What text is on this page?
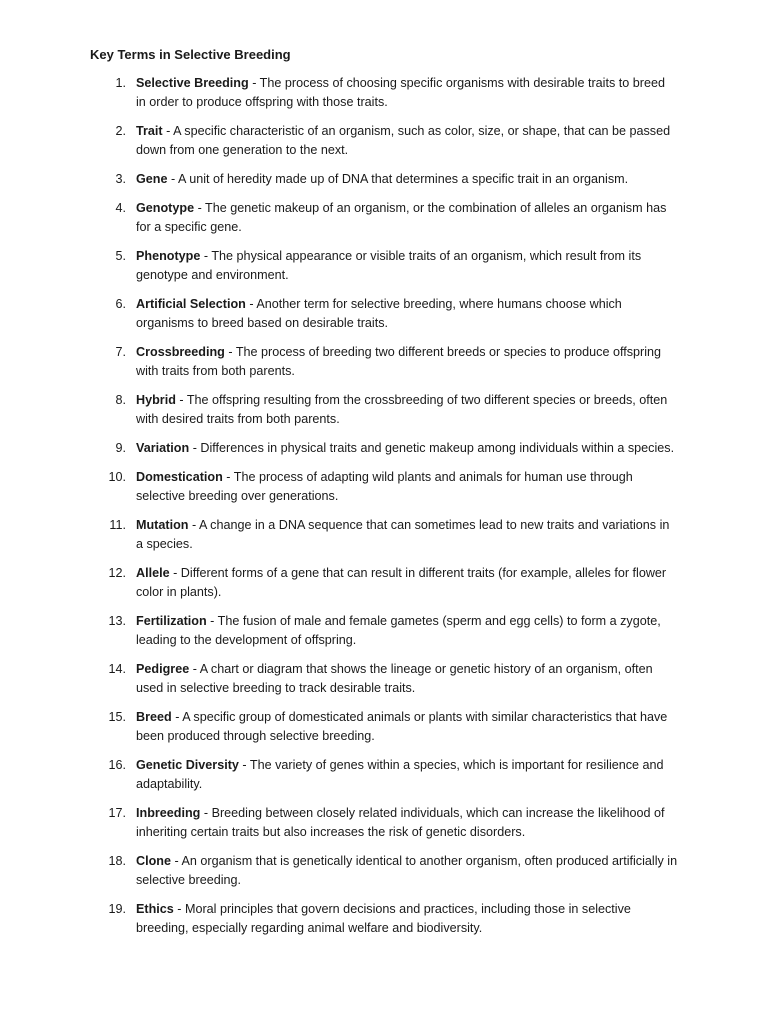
Key Terms in Selective Breeding
1. Selective Breeding - The process of choosing specific organisms with desirable traits to breed in order to produce offspring with those traits.
2. Trait - A specific characteristic of an organism, such as color, size, or shape, that can be passed down from one generation to the next.
3. Gene - A unit of heredity made up of DNA that determines a specific trait in an organism.
4. Genotype - The genetic makeup of an organism, or the combination of alleles an organism has for a specific gene.
5. Phenotype - The physical appearance or visible traits of an organism, which result from its genotype and environment.
6. Artificial Selection - Another term for selective breeding, where humans choose which organisms to breed based on desirable traits.
7. Crossbreeding - The process of breeding two different breeds or species to produce offspring with traits from both parents.
8. Hybrid - The offspring resulting from the crossbreeding of two different species or breeds, often with desired traits from both parents.
9. Variation - Differences in physical traits and genetic makeup among individuals within a species.
10. Domestication - The process of adapting wild plants and animals for human use through selective breeding over generations.
11. Mutation - A change in a DNA sequence that can sometimes lead to new traits and variations in a species.
12. Allele - Different forms of a gene that can result in different traits (for example, alleles for flower color in plants).
13. Fertilization - The fusion of male and female gametes (sperm and egg cells) to form a zygote, leading to the development of offspring.
14. Pedigree - A chart or diagram that shows the lineage or genetic history of an organism, often used in selective breeding to track desirable traits.
15. Breed - A specific group of domesticated animals or plants with similar characteristics that have been produced through selective breeding.
16. Genetic Diversity - The variety of genes within a species, which is important for resilience and adaptability.
17. Inbreeding - Breeding between closely related individuals, which can increase the likelihood of inheriting certain traits but also increases the risk of genetic disorders.
18. Clone - An organism that is genetically identical to another organism, often produced artificially in selective breeding.
19. Ethics - Moral principles that govern decisions and practices, including those in selective breeding, especially regarding animal welfare and biodiversity.
